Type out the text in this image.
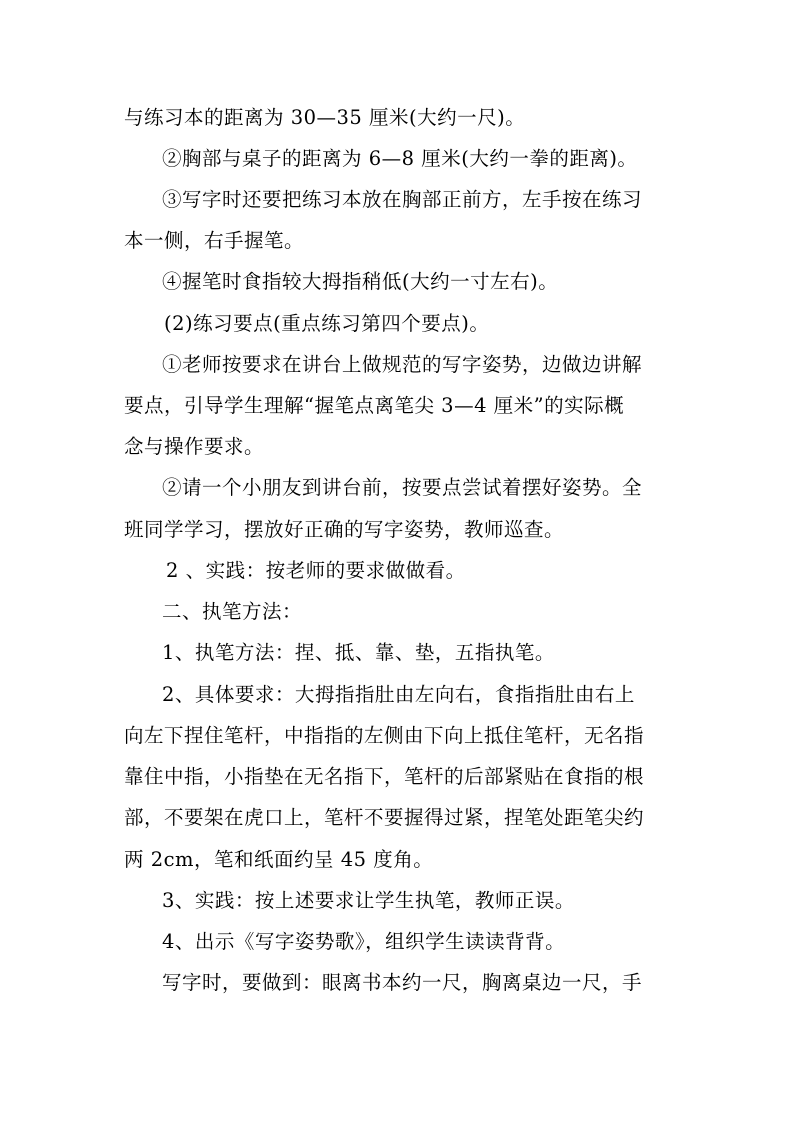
与练习本的距离为 30—35 厘米(大约一尺)。
②胸部与桌子的距离为 6—8 厘米(大约一拳的距离)。
③写字时还要把练习本放在胸部正前方，左手按在练习
本一侧，右手握笔。
④握笔时食指较大拇指稍低(大约一寸左右)。
(2)练习要点(重点练习第四个要点)。
①老师按要求在讲台上做规范的写字姿势，边做边讲解
要点，引导学生理解“握笔点离笔尖 3—4 厘米”的实际概
念与操作要求。
②请一个小朋友到讲台前，按要点尝试着摆好姿势。全
班同学学习，摆放好正确的写字姿势，教师巡查。
2 、实践：按老师的要求做做看。
二、执笔方法：
1、执笔方法：捏、抵、靠、垫，五指执笔。
2、具体要求：大拇指指肚由左向右，食指指肚由右上
向左下捏住笔杆，中指指的左侧由下向上抵住笔杆，无名指
靠住中指，小指垫在无名指下，笔杆的后部紧贴在食指的根
部，不要架在虎口上，笔杆不要握得过紧，捏笔处距笔尖约
两 2cm，笔和纸面约呈 45 度角。
3、实践：按上述要求让学生执笔，教师正误。
4、出示《写字姿势歌》，组织学生读读背背。
写字时，要做到：眼离书本约一尺，胸离桌边一尺，手
